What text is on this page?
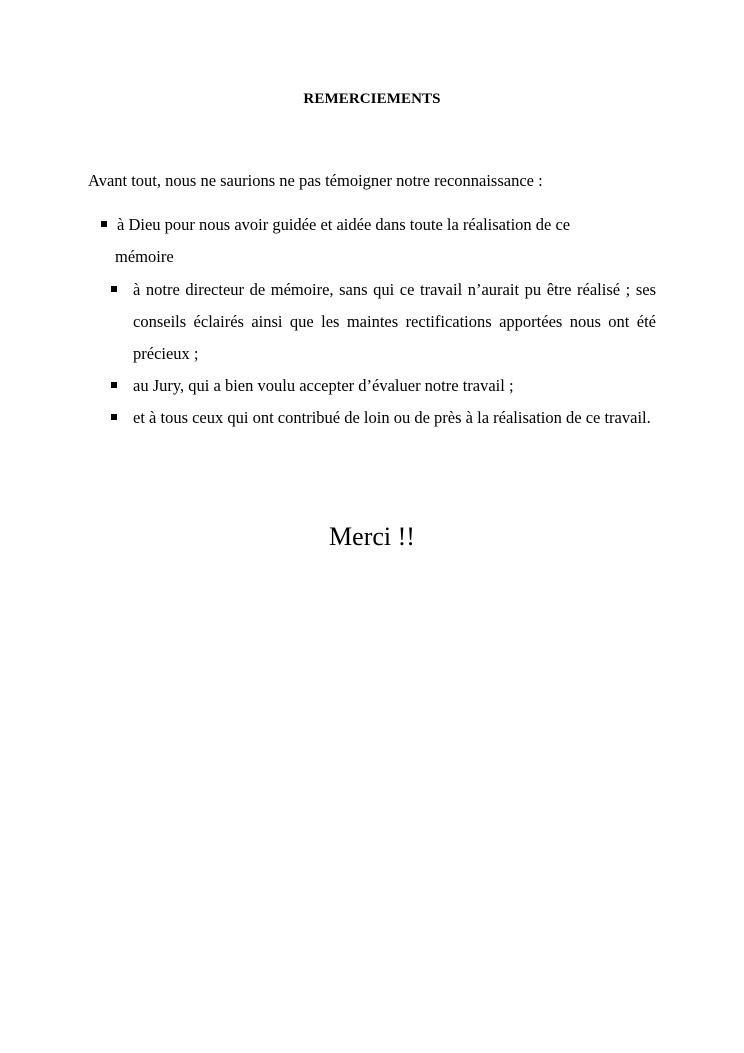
REMERCIEMENTS
Avant tout, nous ne saurions ne pas témoigner notre reconnaissance :
à Dieu pour nous avoir guidée et aidée dans toute la réalisation de ce
mémoire
à notre directeur de mémoire, sans qui ce travail n’aurait pu être réalisé ; ses conseils éclairés ainsi que les maintes rectifications apportées nous ont été précieux ;
au Jury, qui a bien voulu accepter d’évaluer notre travail ;
et à tous ceux qui ont contribué de loin ou de près à la réalisation de ce travail.
Merci !!
